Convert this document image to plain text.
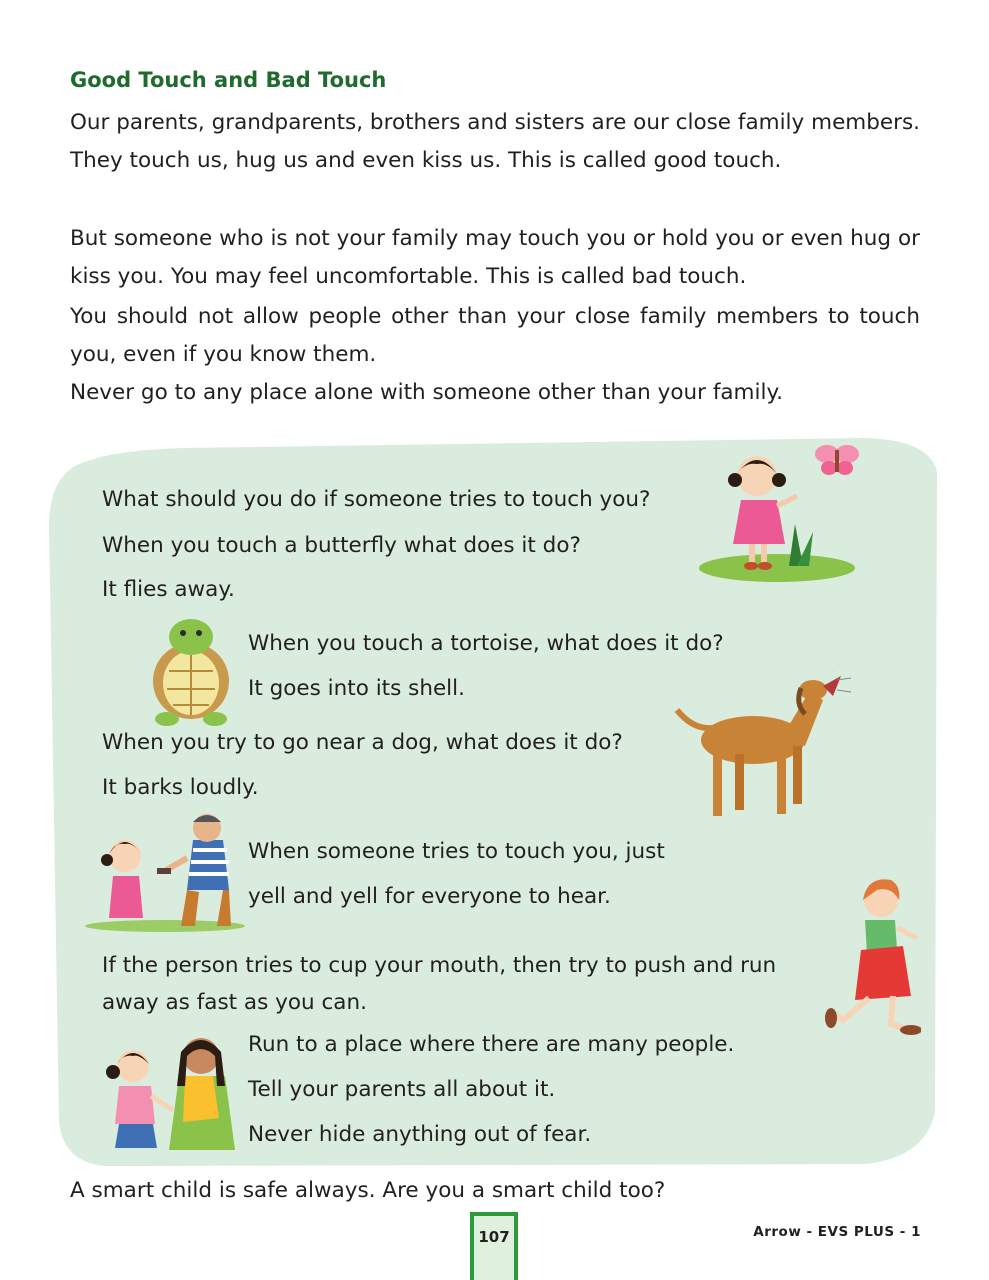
Good Touch and Bad Touch

Our parents, grandparents, brothers and sisters are our close family members. They touch us, hug us and even kiss us. This is called good touch.

But someone who is not your family may touch you or hold you or even hug or kiss you. You may feel uncomfortable. This is called bad touch.

You should not allow people other than your close family members to touch you, even if you know them.

Never go to any place alone with someone other than your family.

What should you do if someone tries to touch you?
When you touch a butterfly what does it do?
It flies away.
When you touch a tortoise, what does it do?
It goes into its shell.
When you try to go near a dog, what does it do?
It barks loudly.
When someone tries to touch you, just
yell and yell for everyone to hear.
If the person tries to cup your mouth, then try to push and run away as fast as you can.
Run to a place where there are many people.
Tell your parents all about it.
Never hide anything out of fear.
A smart child is safe always. Are you a smart child too?
107	Arrow - EVS PLUS - 1
